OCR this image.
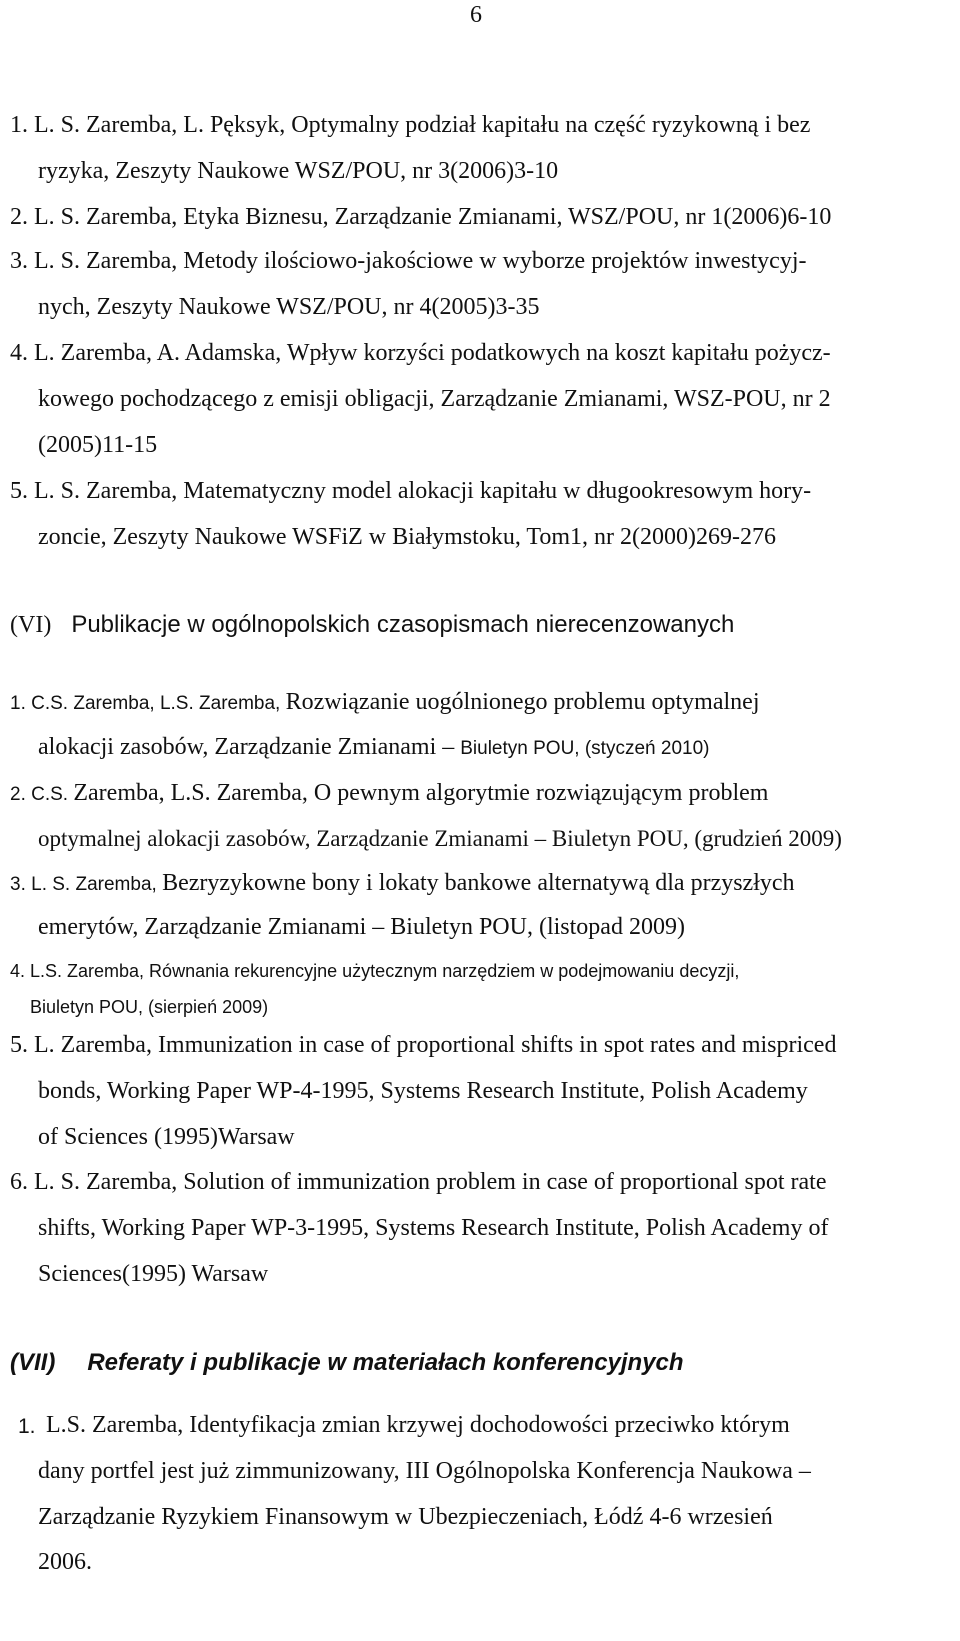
6
1. L. S. Zaremba, L. Pęksyk, Optymalny podział kapitału na część ryzykowną i bez
ryzyka, Zeszyty Naukowe WSZ/POU, nr 3(2006)3-10
2. L. S. Zaremba, Etyka Biznesu, Zarządzanie Zmianami, WSZ/POU, nr 1(2006)6-10
3. L. S. Zaremba, Metody ilościowo-jakościowe w wyborze projektów inwestycyj-
nych, Zeszyty Naukowe WSZ/POU, nr 4(2005)3-35
4. L. Zaremba, A. Adamska, Wpływ korzyści podatkowych na koszt kapitału pożycz-
kowego pochodzącego z emisji obligacji, Zarządzanie Zmianami, WSZ-POU, nr 2
(2005)11-15
5. L. S. Zaremba, Matematyczny model alokacji kapitału w długookresowym hory-
zoncie, Zeszyty Naukowe WSFiZ w Białymstoku, Tom1, nr 2(2000)269-276
(VI) Publikacje w ogólnopolskich czasopismach nierecenzowanych
1. C.S. Zaremba, L.S. Zaremba, Rozwiązanie uogólnionego problemu optymalnej
alokacji zasobów, Zarządzanie Zmianami – Biuletyn POU, (styczeń 2010)
2. C.S. Zaremba, L.S. Zaremba, O pewnym algorytmie rozwiązującym problem
optymalnej alokacji zasobów, Zarządzanie Zmianami – Biuletyn POU, (grudzień 2009)
3. L. S. Zaremba, Bezryzykowne bony i lokaty bankowe alternatywą dla przyszłych
emerytów, Zarządzanie Zmianami – Biuletyn POU, (listopad 2009)
4. L.S. Zaremba, Równania rekurencyjne użytecznym narzędziem w podejmowaniu decyzji,
Biuletyn POU, (sierpień 2009)
5. L. Zaremba, Immunization in case of proportional shifts in spot rates and mispriced
bonds, Working Paper WP-4-1995, Systems Research Institute, Polish Academy
of Sciences (1995)Warsaw
6. L. S. Zaremba, Solution of immunization problem in case of proportional spot rate
shifts, Working Paper WP-3-1995, Systems Research Institute, Polish Academy of
Sciences(1995) Warsaw
(VII) Referaty i publikacje w materiałach konferencyjnych
1. L.S. Zaremba, Identyfikacja zmian krzywej dochodowości przeciwko którym
dany portfel jest już zimmunizowany, III Ogólnopolska Konferencja Naukowa –
Zarządzanie Ryzykiem Finansowym w Ubezpieczeniach, Łódź 4-6 wrzesień
2006.
